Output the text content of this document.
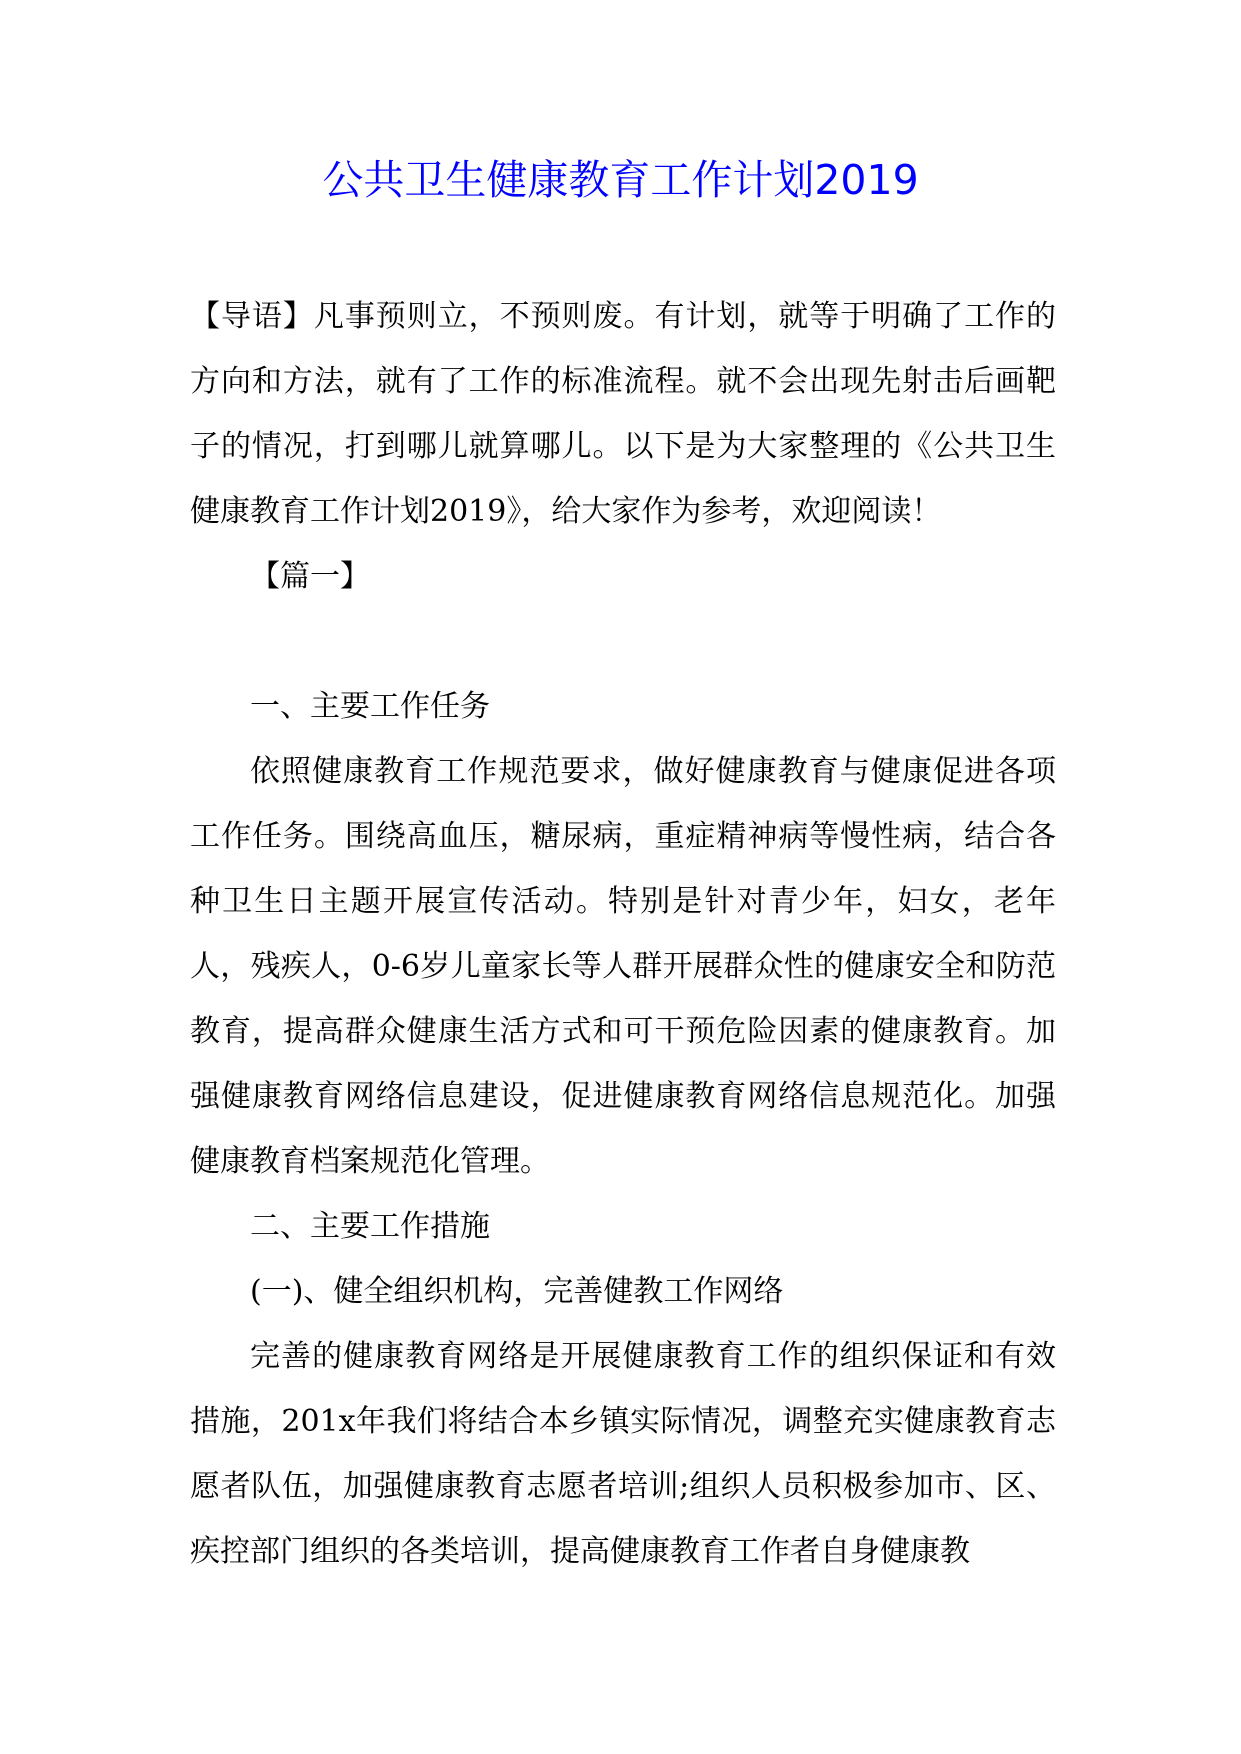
公共卫生健康教育工作计划2019

【导语】凡事预则立，不预则废。有计划，就等于明确了工作的方向和方法，就有了工作的标准流程。就不会出现先射击后画靶子的情况，打到哪儿就算哪儿。以下是为大家整理的《公共卫生健康教育工作计划2019》，给大家作为参考，欢迎阅读！

【篇一】

一、主要工作任务

依照健康教育工作规范要求，做好健康教育与健康促进各项工作任务。围绕高血压，糖尿病，重症精神病等慢性病，结合各种卫生日主题开展宣传活动。特别是针对青少年，妇女，老年人，残疾人，0-6岁儿童家长等人群开展群众性的健康安全和防范教育，提高群众健康生活方式和可干预危险因素的健康教育。加强健康教育网络信息建设，促进健康教育网络信息规范化。加强健康教育档案规范化管理。

二、主要工作措施

(一)、健全组织机构，完善健教工作网络

完善的健康教育网络是开展健康教育工作的组织保证和有效措施，201x年我们将结合本乡镇实际情况，调整充实健康教育志愿者队伍，加强健康教育志愿者培训;组织人员积极参加市、区、疾控部门组织的各类培训，提高健康教育工作者自身健康教
